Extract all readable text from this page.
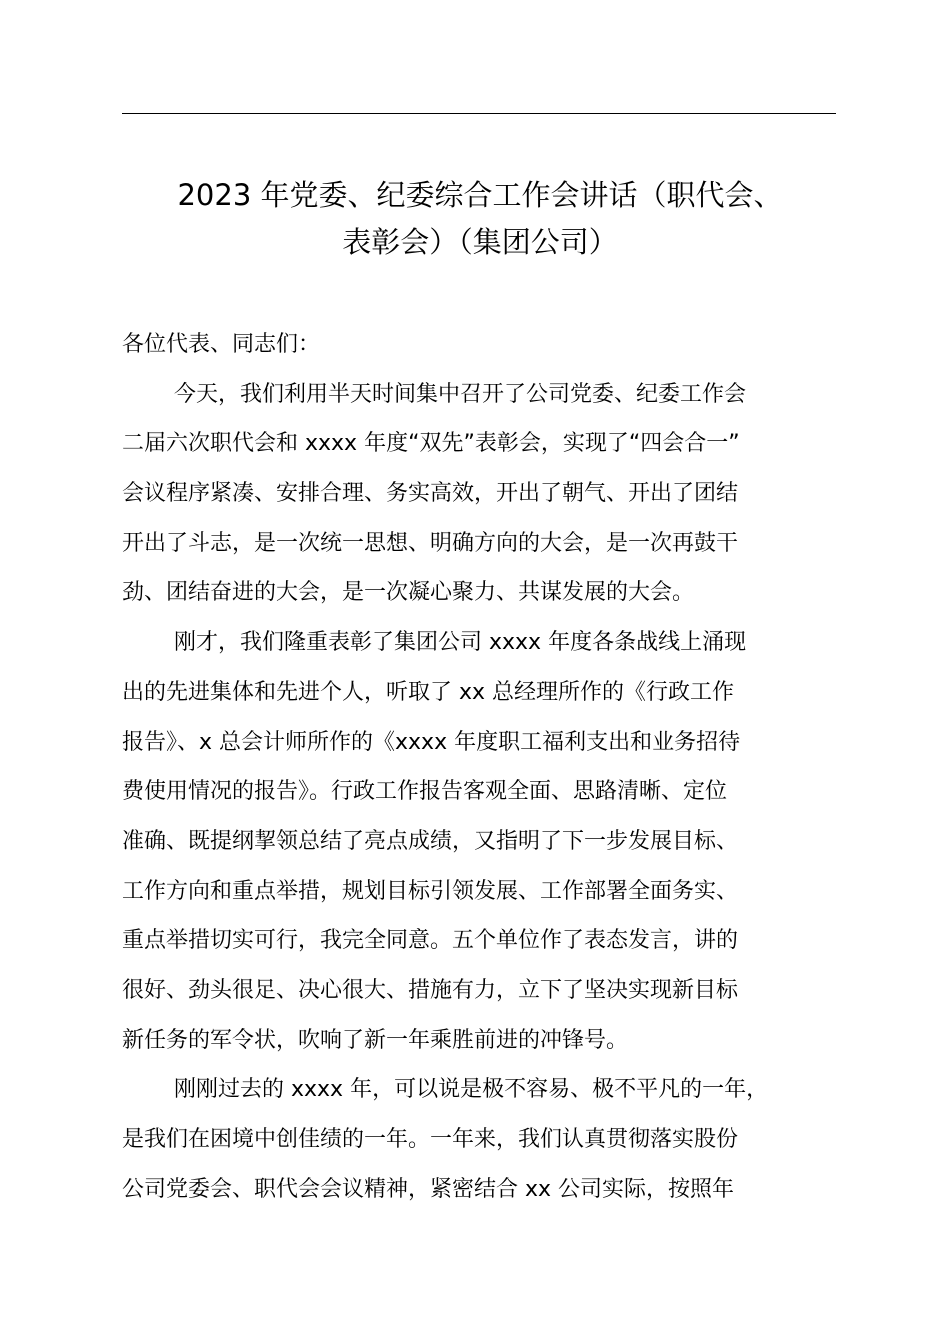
2023 年党委、纪委综合工作会讲话（职代会、
表彰会）（集团公司）
各位代表、同志们：
今天，我们利用半天时间集中召开了公司党委、纪委工作会
二届六次职代会和 xxxx 年度“双先”表彰会，实现了“四会合一”
会议程序紧凑、安排合理、务实高效，开出了朝气、开出了团结
开出了斗志，是一次统一思想、明确方向的大会，是一次再鼓干
劲、团结奋进的大会，是一次凝心聚力、共谋发展的大会。
刚才，我们隆重表彰了集团公司 xxxx 年度各条战线上涌现
出的先进集体和先进个人，听取了 xx 总经理所作的《行政工作
报告》、x 总会计师所作的《xxxx 年度职工福利支出和业务招待
费使用情况的报告》。行政工作报告客观全面、思路清晰、定位
准确、既提纲挈领总结了亮点成绩，又指明了下一步发展目标、
工作方向和重点举措，规划目标引领发展、工作部署全面务实、
重点举措切实可行，我完全同意。五个单位作了表态发言，讲的
很好、劲头很足、决心很大、措施有力，立下了坚决实现新目标
新任务的军令状，吹响了新一年乘胜前进的冲锋号。
刚刚过去的 xxxx 年，可以说是极不容易、极不平凡的一年，
是我们在困境中创佳绩的一年。一年来，我们认真贯彻落实股份
公司党委会、职代会会议精神，紧密结合 xx 公司实际，按照年
